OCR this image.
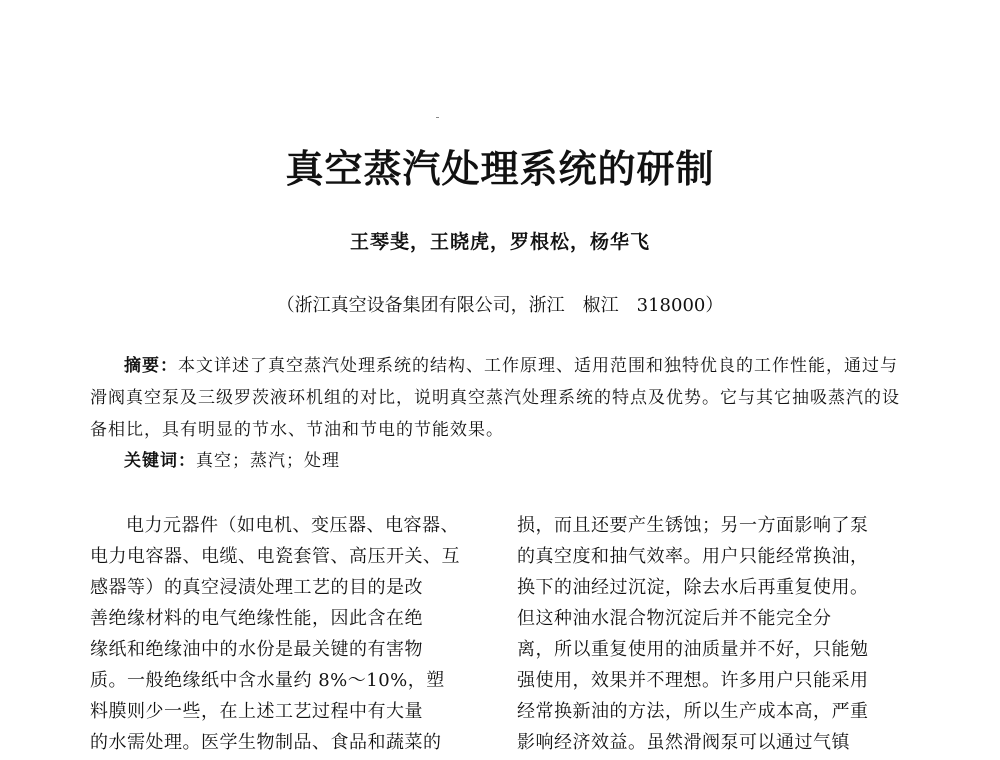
真空蒸汽处理系统的研制

王琴斐，王晓虎，罗根松，杨华飞

（浙江真空设备集团有限公司，浙江　椒江　318000）

摘要：本文详述了真空蒸汽处理系统的结构、工作原理、适用范围和独特优良的工作性能，通过与滑阀真空泵及三级罗茨液环机组的对比，说明真空蒸汽处理系统的特点及优势。它与其它抽吸蒸汽的设备相比，具有明显的节水、节油和节电的节能效果。

关键词：真空；蒸汽；处理

电力元器件（如电机、变压器、电容器、
电力电容器、电缆、电瓷套管、高压开关、互
感器等）的真空浸渍处理工艺的目的是改
善绝缘材料的电气绝缘性能，因此含在绝
缘纸和绝缘油中的水份是最关键的有害物
质。一般绝缘纸中含水量约 8%～10%，塑
料膜则少一些，在上述工艺过程中有大量
的水需处理。医学生物制品、食品和蔬菜的
损，而且还要产生锈蚀；另一方面影响了泵
的真空度和抽气效率。用户只能经常换油，
换下的油经过沉淀，除去水后再重复使用。
但这种油水混合物沉淀后并不能完全分
离，所以重复使用的油质量并不好，只能勉
强使用，效果并不理想。许多用户只能采用
经常换新油的方法，所以生产成本高，严重
影响经济效益。虽然滑阀泵可以通过气镇
